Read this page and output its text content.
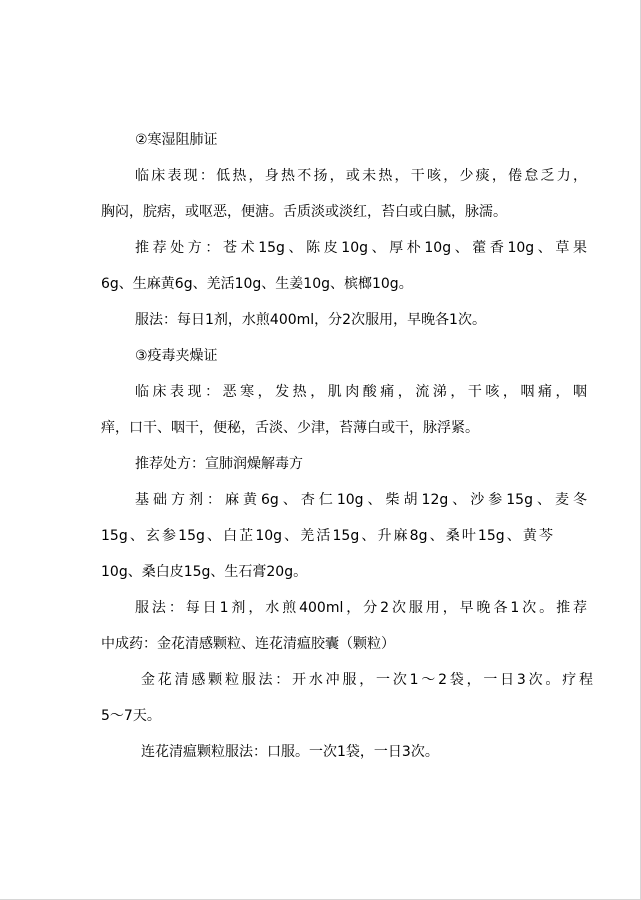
②寒湿阻肺证
临床表现：低热，身热不扬，或未热，干咳，少痰，倦怠乏力，
胸闷，脘痞，或呕恶，便溏。舌质淡或淡红，苔白或白腻，脉濡。
推荐处方：苍术15g、陈皮10g、厚朴10g、藿香10g、草果
6g、生麻黄6g、羌活10g、生姜10g、槟榔10g。
服法：每日1剂，水煎400ml，分2次服用，早晚各1次。
③疫毒夹燥证
临床表现：恶寒，发热，肌肉酸痛，流涕，干咳，咽痛，咽
痒，口干、咽干，便秘，舌淡、少津，苔薄白或干，脉浮紧。
推荐处方：宣肺润燥解毒方
基础方剂：麻黄6g、杏仁10g、柴胡12g、沙参15g、麦冬
15g、玄参15g、白芷10g、羌活15g、升麻8g、桑叶15g、黄芩
10g、桑白皮15g、生石膏20g。
服法：每日1剂，水煎400ml，分2次服用，早晚各1次。推荐
中成药：金花清感颗粒、连花清瘟胶囊（颗粒）
金花清感颗粒服法：开水冲服，一次1～2袋，一日3次。疗程
5～7天。
连花清瘟颗粒服法：口服。一次1袋，一日3次。
